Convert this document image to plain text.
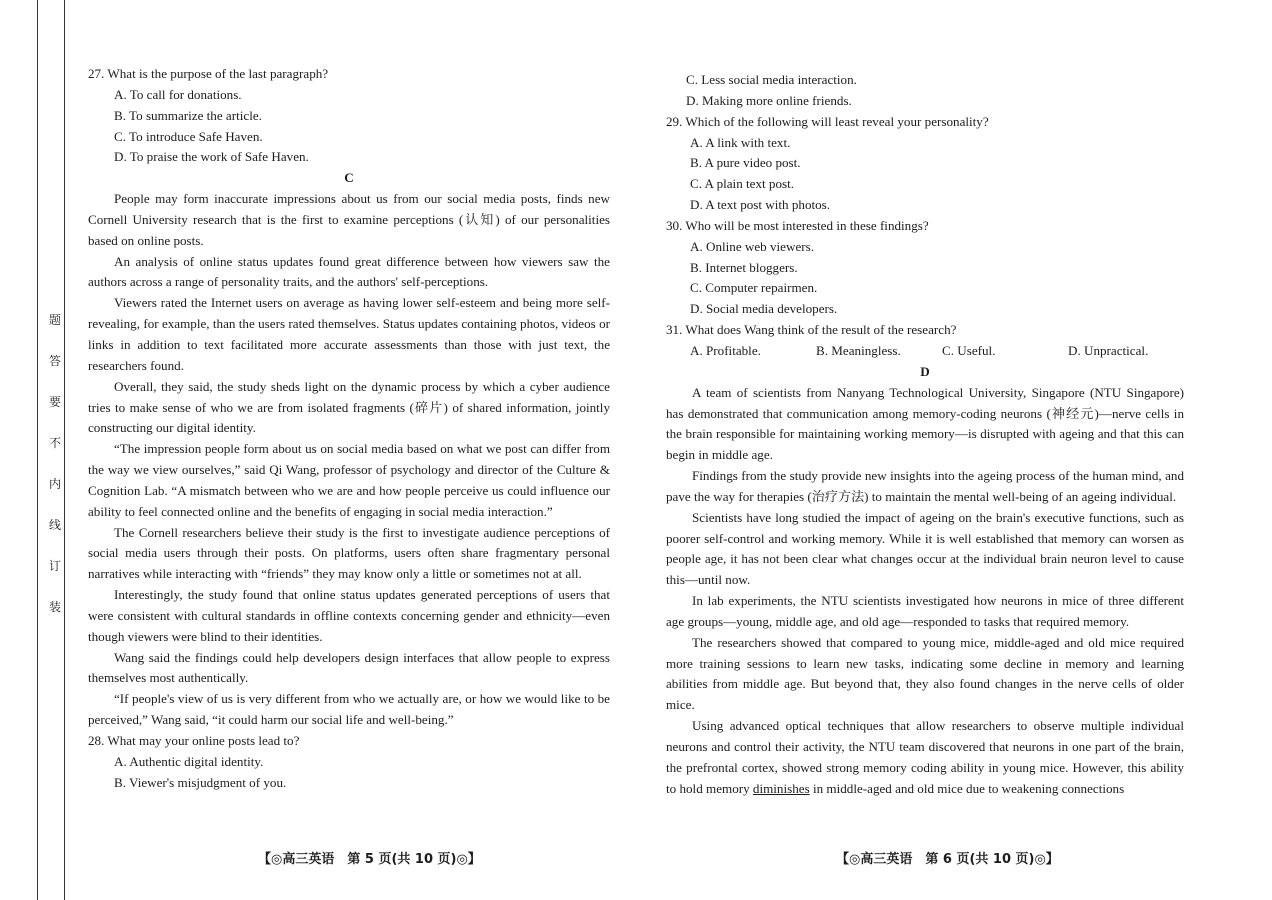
题
答
要
不
内
线
订
装

27. What is the purpose of the last paragraph?

A. To call for donations.

B. To summarize the article.

C. To introduce Safe Haven.

D. To praise the work of Safe Haven.

C

People may form inaccurate impressions about us from our social media posts, finds new Cornell University research that is the first to examine perceptions (认知) of our personalities based on online posts.

An analysis of online status updates found great difference between how viewers saw the authors across a range of personality traits, and the authors' self-perceptions.

Viewers rated the Internet users on average as having lower self-esteem and being more self-revealing, for example, than the users rated themselves. Status updates containing photos, videos or links in addition to text facilitated more accurate assessments than those with just text, the researchers found.

Overall, they said, the study sheds light on the dynamic process by which a cyber audience tries to make sense of who we are from isolated fragments (碎片) of shared information, jointly constructing our digital identity.

“The impression people form about us on social media based on what we post can differ from the way we view ourselves,” said Qi Wang, professor of psychology and director of the Culture & Cognition Lab. “A mismatch between who we are and how people perceive us could influence our ability to feel connected online and the benefits of engaging in social media interaction.”

The Cornell researchers believe their study is the first to investigate audience perceptions of social media users through their posts. On platforms, users often share fragmentary personal narratives while interacting with “friends” they may know only a little or sometimes not at all.

Interestingly, the study found that online status updates generated perceptions of users that were consistent with cultural standards in offline contexts concerning gender and ethnicity—even though viewers were blind to their identities.

Wang said the findings could help developers design interfaces that allow people to express themselves most authentically.

“If people's view of us is very different from who we actually are, or how we would like to be perceived,” Wang said, “it could harm our social life and well-being.”

28. What may your online posts lead to?

A. Authentic digital identity.

B. Viewer's misjudgment of you.

【◎高三英语　第 5 页(共 10 页)◎】

C. Less social media interaction.

D. Making more online friends.

29. Which of the following will least reveal your personality?

A. A link with text.

B. A pure video post.

C. A plain text post.

D. A text post with photos.

30. Who will be most interested in these findings?

A. Online web viewers.

B. Internet bloggers.

C. Computer repairmen.

D. Social media developers.

31. What does Wang think of the result of the research?

A. Profitable.	B. Meaningless.	C. Useful.	D. Unpractical.

D

A team of scientists from Nanyang Technological University, Singapore (NTU Singapore) has demonstrated that communication among memory-coding neurons (神经元)—nerve cells in the brain responsible for maintaining working memory—is disrupted with ageing and that this can begin in middle age.

Findings from the study provide new insights into the ageing process of the human mind, and pave the way for therapies (治疗方法) to maintain the mental well-being of an ageing individual.

Scientists have long studied the impact of ageing on the brain's executive functions, such as poorer self-control and working memory. While it is well established that memory can worsen as people age, it has not been clear what changes occur at the individual brain neuron level to cause this—until now.

In lab experiments, the NTU scientists investigated how neurons in mice of three different age groups—young, middle age, and old age—responded to tasks that required memory.

The researchers showed that compared to young mice, middle-aged and old mice required more training sessions to learn new tasks, indicating some decline in memory and learning abilities from middle age. But beyond that, they also found changes in the nerve cells of older mice.

Using advanced optical techniques that allow researchers to observe multiple individual neurons and control their activity, the NTU team discovered that neurons in one part of the brain, the prefrontal cortex, showed strong memory coding ability in young mice. However, this ability to hold memory diminishes in middle-aged and old mice due to weakening connections

【◎高三英语　第 6 页(共 10 页)◎】
